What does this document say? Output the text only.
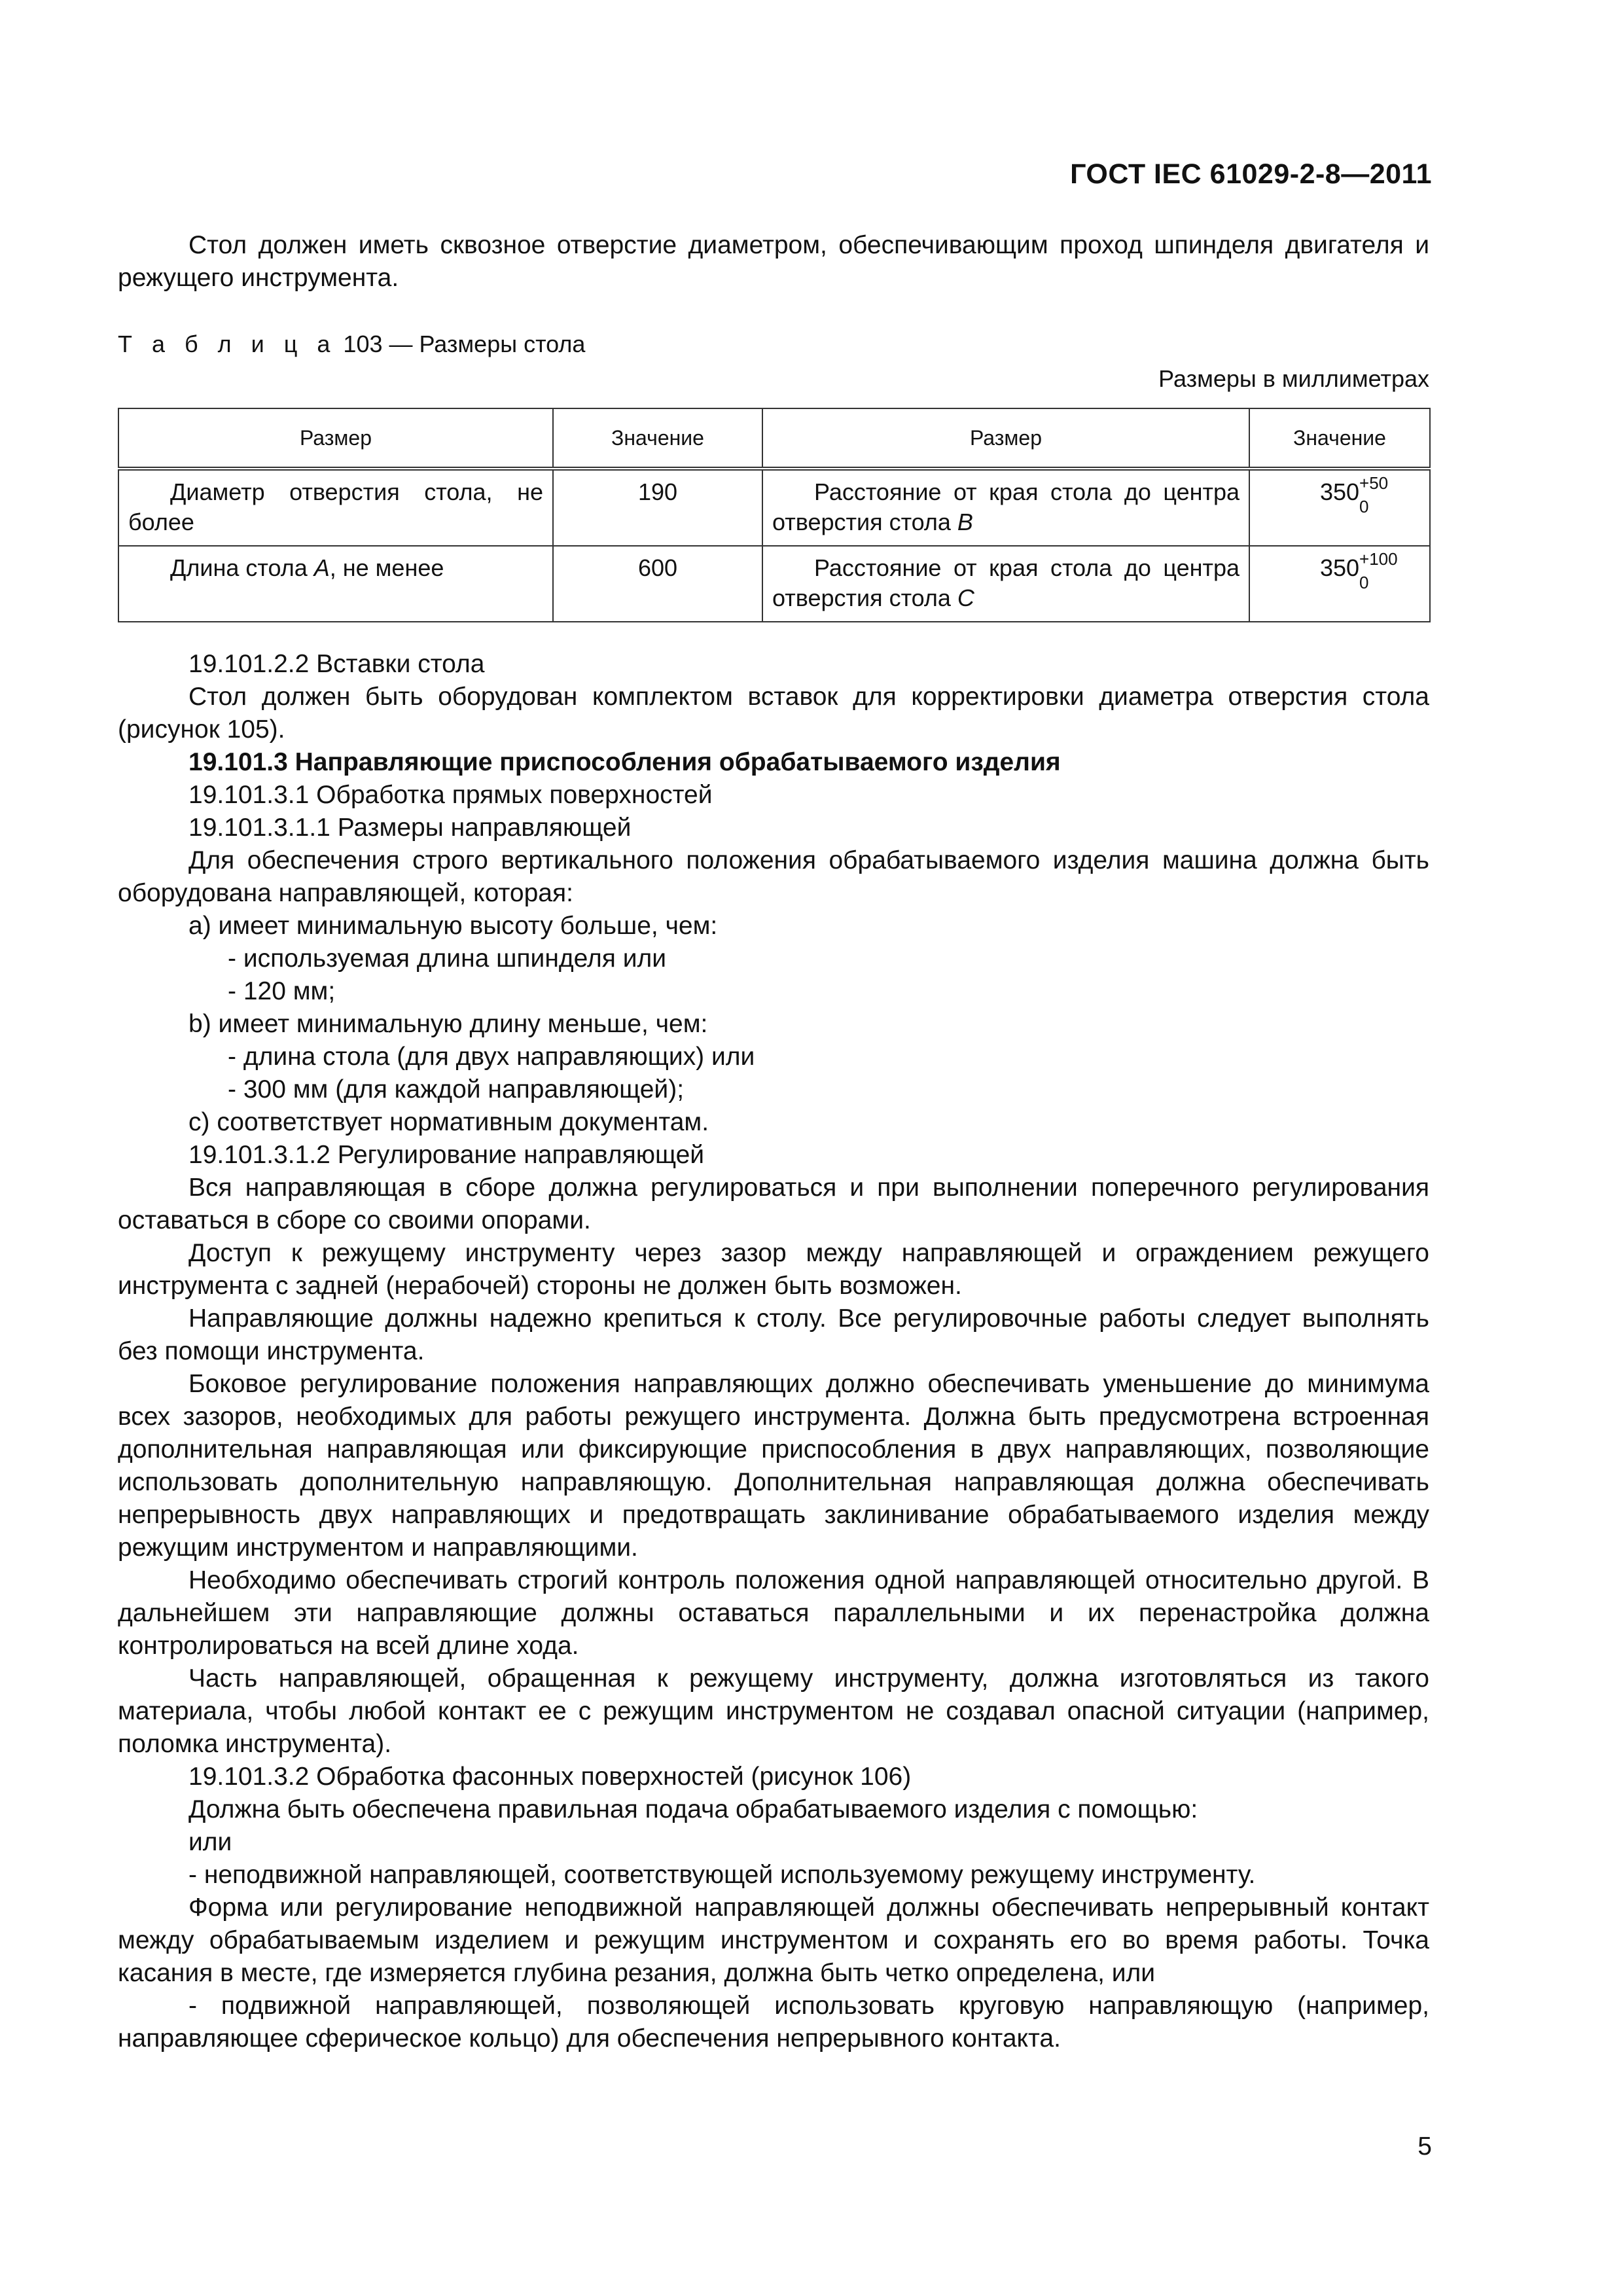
ГОСТ IEC 61029-2-8—2011

Стол должен иметь сквозное отверстие диаметром, обеспечивающим проход шпинделя двигателя и режущего инструмента.

Т а б л и ц а 103 — Размеры стола
Размеры в миллиметрах
Размер	Значение	Размер	Значение
Диаметр отверстия стола, не более	190	Расстояние от края стола до центра отверстия стола B	350 +50
0

Длина стола A, не менее	600	Расстояние от края стола до центра отверстия стола C	350 +100
0

19.101.2.2 Вставки стола

Стол должен быть оборудован комплектом вставок для корректировки диаметра отверстия стола (рисунок 105).

19.101.3 Направляющие приспособления обрабатываемого изделия

19.101.3.1 Обработка прямых поверхностей

19.101.3.1.1 Размеры направляющей

Для обеспечения строго вертикального положения обрабатываемого изделия машина должна быть оборудована направляющей, которая:

a) имеет минимальную высоту больше, чем:

- используемая длина шпинделя или

- 120 мм;

b) имеет минимальную длину меньше, чем:

- длина стола (для двух направляющих) или

- 300 мм (для каждой направляющей);

c) соответствует нормативным документам.

19.101.3.1.2 Регулирование направляющей

Вся направляющая в сборе должна регулироваться и при выполнении поперечного регулирования оставаться в сборе со своими опорами.

Доступ к режущему инструменту через зазор между направляющей и ограждением режущего инструмента с задней (нерабочей) стороны не должен быть возможен.

Направляющие должны надежно крепиться к столу. Все регулировочные работы следует выполнять без помощи инструмента.

Боковое регулирование положения направляющих должно обеспечивать уменьшение до минимума всех зазоров, необходимых для работы режущего инструмента. Должна быть предусмотрена встроенная дополнительная направляющая или фиксирующие приспособления в двух направляющих, позволяющие использовать дополнительную направляющую. Дополнительная направляющая должна обеспечивать непрерывность двух направляющих и предотвращать заклинивание обрабатываемого изделия между режущим инструментом и направляющими.

Необходимо обеспечивать строгий контроль положения одной направляющей относительно другой. В дальнейшем эти направляющие должны оставаться параллельными и их перенастройка должна контролироваться на всей длине хода.

Часть направляющей, обращенная к режущему инструменту, должна изготовляться из такого материала, чтобы любой контакт ее с режущим инструментом не создавал опасной ситуации (например, поломка инструмента).

19.101.3.2 Обработка фасонных поверхностей (рисунок 106)

Должна быть обеспечена правильная подача обрабатываемого изделия с помощью:

или

- неподвижной направляющей, соответствующей используемому режущему инструменту.

Форма или регулирование неподвижной направляющей должны обеспечивать непрерывный контакт между обрабатываемым изделием и режущим инструментом и сохранять его во время работы. Точка касания в месте, где измеряется глубина резания, должна быть четко определена, или

- подвижной направляющей, позволяющей использовать круговую направляющую (например, направляющее сферическое кольцо) для обеспечения непрерывного контакта.

5
